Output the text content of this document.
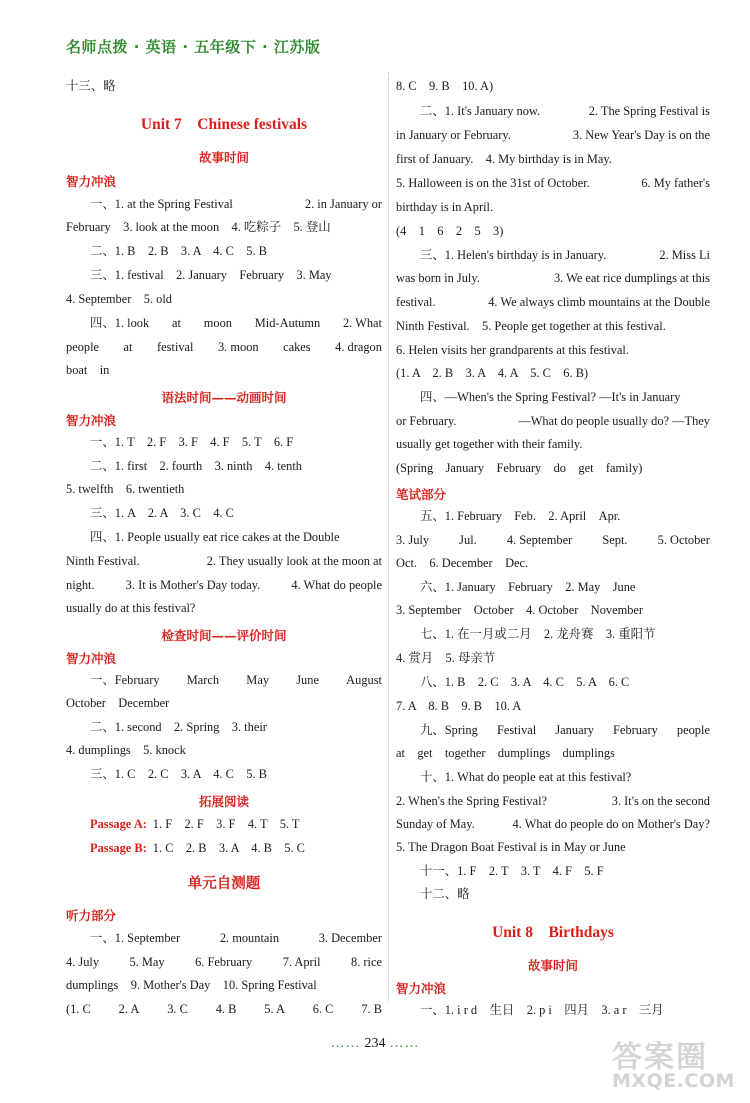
名师点拨 · 英语 · 五年级下 · 江苏版
十三、略
Unit 7　Chinese festivals
故事时间
智力冲浪
一、1. at the Spring Festival	2. in January or
February　3. look at the moon　4. 吃粽子　5. 登山
二、1. B　2. B　3. A　4. C　5. B
三、1. festival　2. January　February　3. May
4. September　5. old
四、1. look at moon Mid-Autumn 2. What
people at festival 3. moon cakes 4. dragon
boat　in
语法时间——动画时间
智力冲浪
一、1. T　2. F　3. F　4. F　5. T　6. F
二、1. first　2. fourth　3. ninth　4. tenth
5. twelfth　6. twentieth
三、1. A　2. A　3. C　4. C
四、1. People usually eat rice cakes at the Double
Ninth Festival.	2. They usually look at the moon at
night.	3. It is Mother's Day today.	4. What do people
usually do at this festival?
检查时间——评价时间
智力冲浪
一、February March May June August
October　December
二、1. second　2. Spring　3. their
4. dumplings　5. knock
三、1. C　2. C　3. A　4. C　5. B
拓展阅读
Passage A: 1. F　2. F　3. F　4. T　5. T
Passage B: 1. C　2. B　3. A　4. B　5. C
单元自测题
听力部分
一、1. September	2. mountain	3. December
4. July 5. May 6. February 7. April 8. rice
dumplings　9. Mother's Day　10. Spring Festival
(1. C 2. A 3. C 4. B 5. A 6. C 7. B
8. C　9. B　10. A)
二、1. It's January now.	2. The Spring Festival is
in January or February.	3. New Year's Day is on the
first of January.　4. My birthday is in May.
5. Halloween is on the 31st of October.	6. My father's
birthday is in April.
(4　1　6　2　5　3)
三、1. Helen's birthday is in January.	2. Miss Li
was born in July.	3. We eat rice dumplings at this
festival.	4. We always climb mountains at the Double
Ninth Festival.　5. People get together at this festival.
6. Helen visits her grandparents at this festival.
(1. A　2. B　3. A　4. A　5. C　6. B)
四、—When's the Spring Festival? —It's in January
or February.	—What do people usually do? —They
usually get together with their family.
(Spring　January　February　do　get　family)
笔试部分
五、1. February　Feb.　2. April　Apr.
3. July Jul. 4. September Sept. 5. October
Oct.　6. December　Dec.
六、1. January　February　2. May　June
3. September　October　4. October　November
七、1. 在一月或二月　2. 龙舟赛　3. 重阳节
4. 赏月　5. 母亲节
八、1. B　2. C　3. A　4. C　5. A　6. C
7. A　8. B　9. B　10. A
九、Spring Festival January February people
at　get　together　dumplings　dumplings
十、1. What do people eat at this festival?
2. When's the Spring Festival?	3. It's on the second
Sunday of May.	4. What do people do on Mother's Day?
5. The Dragon Boat Festival is in May or June
十一、1. F　2. T　3. T　4. F　5. F
十二、略
Unit 8　Birthdays
故事时间
智力冲浪
一、1. i r d　生日　2. p i　四月　3. a r　三月
…… 234 ……	答案圈
MXQE.COM
